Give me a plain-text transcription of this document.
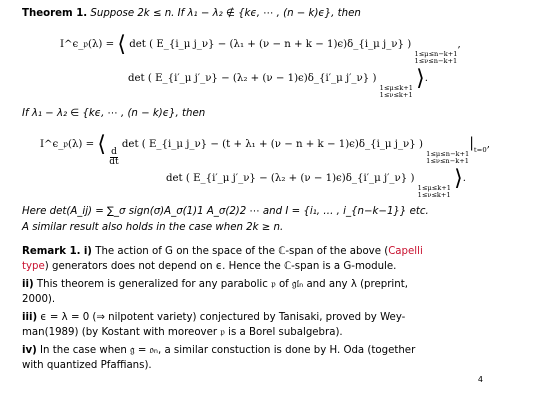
Theorem 1. Suppose 2k ≤ n. If λ₁ − λ₂ ∉ {kϵ, ⋯ , (n − k)ϵ}, then
I^ϵ_𝔭(λ) = ⟨ det ( E_{i_μ j_ν} − (λ₁ + (ν − n + k − 1)ϵ)δ_{i_μ j_ν} )
1≤μ≤n−k+1
1≤ν≤n−k+1
,
det ( E_{i′_μ j′_ν} − (λ₂ + (ν − 1)ϵ)δ_{i′_μ j′_ν} )
1≤μ≤k+1
1≤ν≤k+1
⟩.
If λ₁ − λ₂ ∈ {kϵ, ⋯ , (n − k)ϵ}, then
I^ϵ_𝔭(λ) = ⟨
$\frac{d}{dt}$
det ( E_{i_μ j_ν} − (t + λ₁ + (ν − n + k − 1)ϵ)δ_{i_μ j_ν} )
1≤μ≤n−k+1
1≤ν≤n−k+1
|t=0,
det ( E_{i′_μ j′_ν} − (λ₂ + (ν − 1)ϵ)δ_{i′_μ j′_ν} )
1≤μ≤k+1
1≤ν≤k+1
⟩.
Here det(A_ij) = ∑_σ sign(σ)A_σ(1)1 A_σ(2)2 ⋯ and I = {i₁, … , i_{n−k−1}} etc.
A similar result also holds in the case when 2k ≥ n.
Remark 1. i) The action of G on the space of the ℂ-span of the above (Capelli
type) generators does not depend on ϵ. Hence the ℂ-span is a G-module.
ii) This theorem is generalized for any parabolic 𝔭 of 𝔤𝔩ₙ and any λ (preprint,
2000).
iii) ϵ = λ = 0 (⇒ nilpotent variety) conjectured by Tanisaki, proved by Wey-
man(1989) (by Kostant with moreover 𝔭 is a Borel subalgebra).
iv) In the case when 𝔤 = 𝔬ₙ, a similar constuction is done by H. Oda (together
with quantized Pfaffians).
4
